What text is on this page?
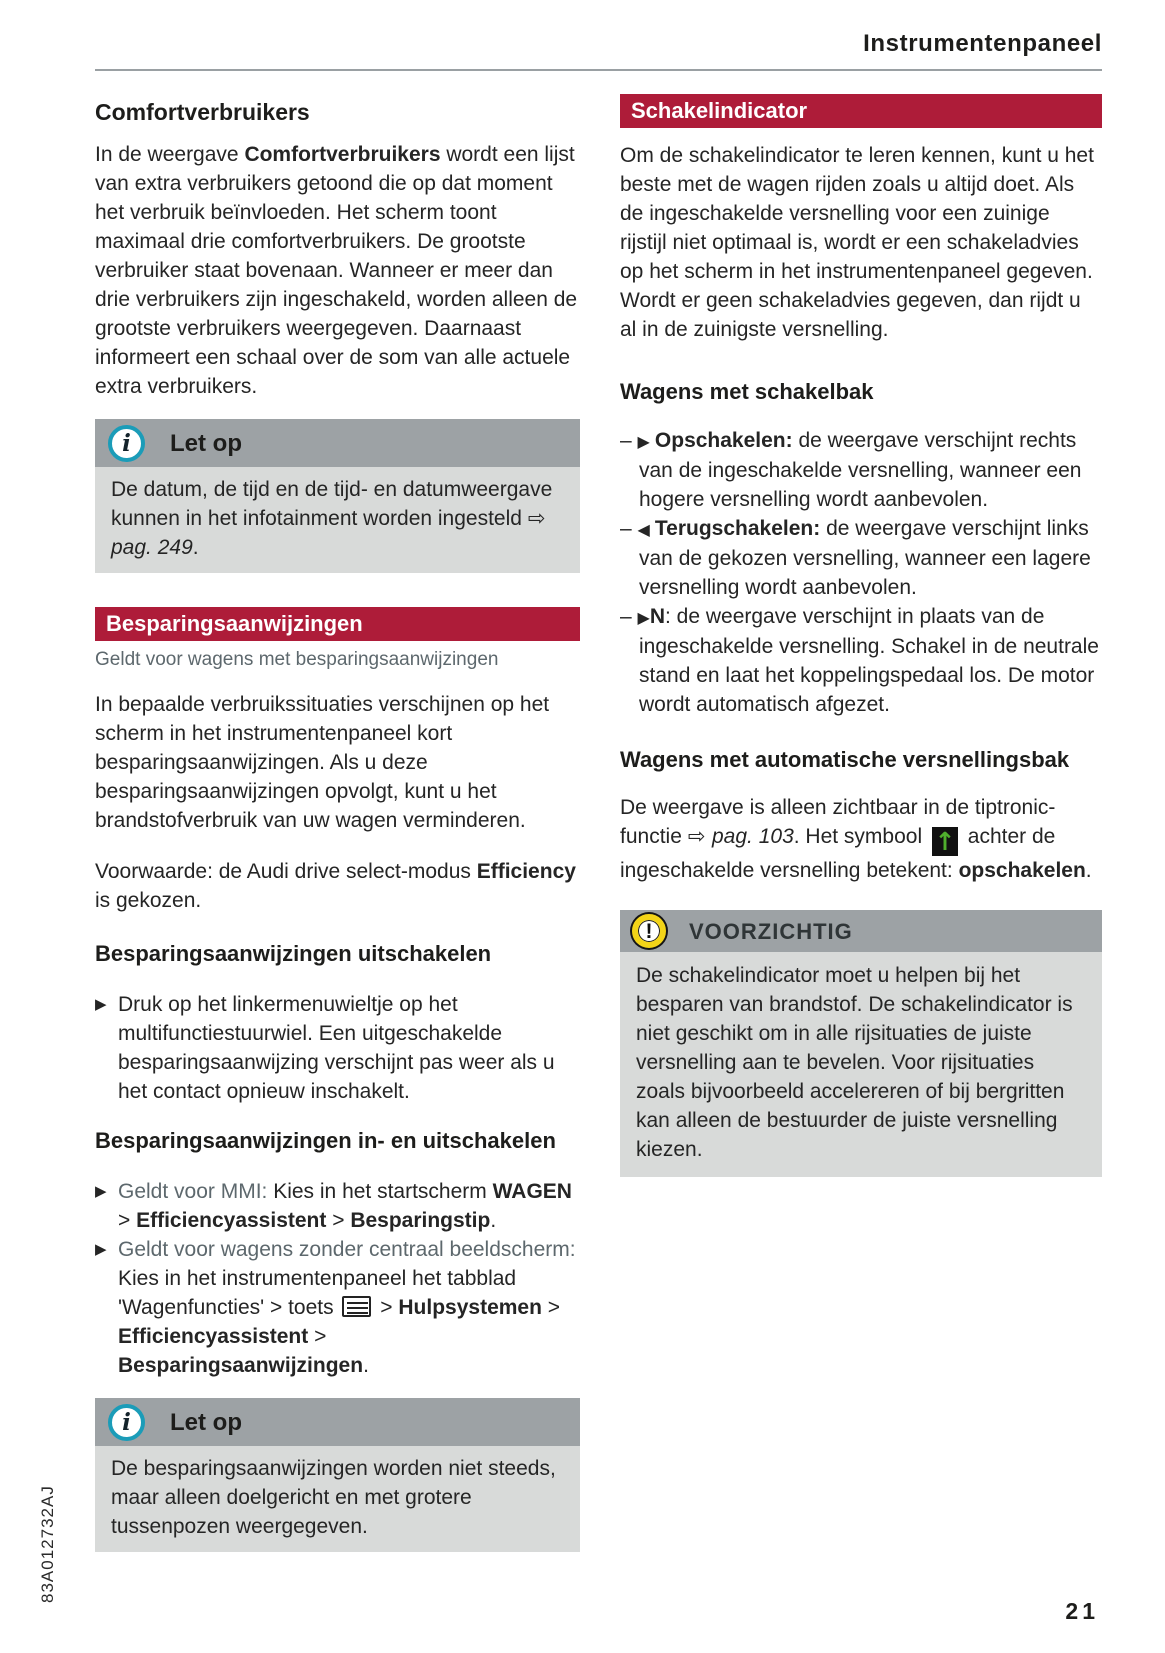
Instrumentenpaneel
Comfortverbruikers

In de weergave Comfortverbruikers wordt een lijst van extra verbruikers getoond die op dat moment het verbruik beïnvloeden. Het scherm toont maximaal drie comfortverbruikers. De grootste verbruiker staat bovenaan. Wanneer er meer dan drie verbruikers zijn ingeschakeld, worden alleen de grootste verbruikers weergegeven. Daarnaast informeert een schaal over de som van alle actuele extra verbruikers.

i Let op
De datum, de tijd en de tijd- en datumweergave kunnen in het infotainment worden ingesteld ⇨ pag. 249.
Besparingsaanwijzingen
Geldt voor wagens met besparingsaanwijzingen

In bepaalde verbruikssituaties verschijnen op het scherm in het instrumentenpaneel kort besparingsaanwijzingen. Als u deze besparingsaanwijzingen opvolgt, kunt u het brandstofverbruik van uw wagen verminderen.

Voorwaarde: de Audi drive select-modus Efficiency is gekozen.

Besparingsaanwijzingen uitschakelen
▶ Druk op het linkermenuwieltje op het multifunctiestuurwiel. Een uitgeschakelde besparingsaanwijzing verschijnt pas weer als u het contact opnieuw inschakelt.
Besparingsaanwijzingen in- en uitschakelen
▶ Geldt voor MMI: Kies in het startscherm WAGEN > Efficiencyassistent > Besparingstip.
▶ Geldt voor wagens zonder centraal beeldscherm: Kies in het instrumentenpaneel het tabblad 'Wagenfuncties' > toets  > Hulpsystemen > Efficiencyassistent > Besparingsaanwijzingen.
i Let op
De besparingsaanwijzingen worden niet steeds, maar alleen doelgericht en met grotere tussenpozen weergegeven.
Schakelindicator

Om de schakelindicator te leren kennen, kunt u het beste met de wagen rijden zoals u altijd doet. Als de ingeschakelde versnelling voor een zuinige rijstijl niet optimaal is, wordt er een schakeladvies op het scherm in het instrumentenpaneel gegeven. Wordt er geen schakeladvies gegeven, dan rijdt u al in de zuinigste versnelling.

Wagens met schakelbak
– ▶ Opschakelen: de weergave verschijnt rechts van de ingeschakelde versnelling, wanneer een hogere versnelling wordt aanbevolen.
– ◀ Terugschakelen: de weergave verschijnt links van de gekozen versnelling, wanneer een lagere versnelling wordt aanbevolen.
– ▶N: de weergave verschijnt in plaats van de ingeschakelde versnelling. Schakel in de neutrale stand en laat het koppelingspedaal los. De motor wordt automatisch afgezet.
Wagens met automatische versnellingsbak

De weergave is alleen zichtbaar in de tiptronic-functie ⇨ pag. 103. Het symbool ↑ achter de ingeschakelde versnelling betekent: opschakelen.

! VOORZICHTIG
De schakelindicator moet u helpen bij het besparen van brandstof. De schakelindicator is niet geschikt om in alle rijsituaties de juiste versnelling aan te bevelen. Voor rijsituaties zoals bijvoorbeeld accelereren of bij bergritten kan alleen de bestuurder de juiste versnelling kiezen.
83A012732AJ
21
